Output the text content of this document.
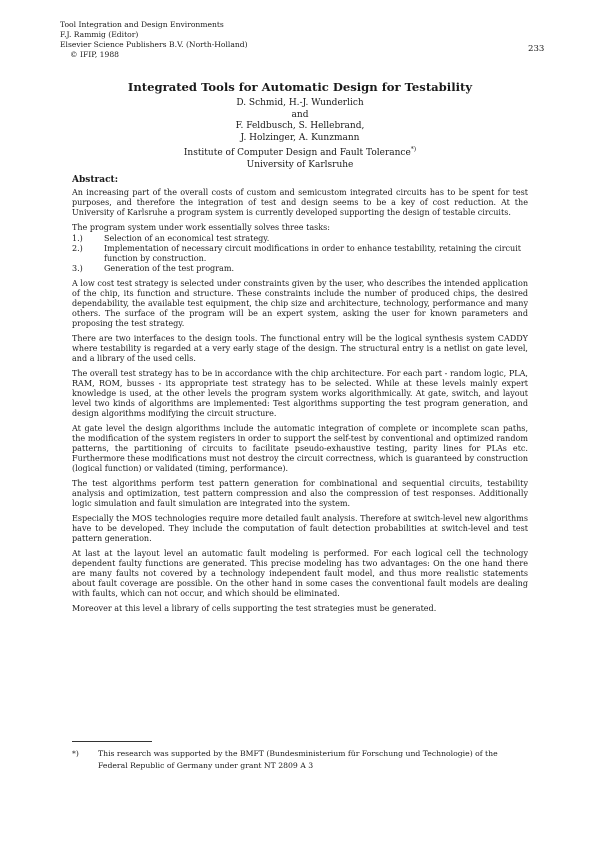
Tool Integration and Design Environments
F.J. Rammig (Editor)
Elsevier Science Publishers B.V. (North-Holland)
© IFIP, 1988
233
Integrated Tools for Automatic Design for Testability
D. Schmid, H.-J. Wunderlich
and
F. Feldbusch, S. Hellebrand,
J. Holzinger, A. Kunzmann
Institute of Computer Design and Fault Tolerance*)
University of Karlsruhe
Abstract:

An increasing part of the overall costs of custom and semicustom integrated circuits has to be spent for test purposes, and therefore the integration of test and design seems to be a key of cost reduction. At the University of Karlsruhe a program system is currently developed supporting the design of testable circuits.

The program system under work essentially solves three tasks:

1.)	Selection of an economical test strategy.
2.)	Implementation of necessary circuit modifications in order to enhance testability, retaining the circuit function by construction.
3.)	Generation of the test program.

A low cost test strategy is selected under constraints given by the user, who describes the intended application of the chip, its function and structure. These constraints include the number of produced chips, the desired dependability, the available test equipment, the chip size and architecture, technology, performance and many others. The surface of the program will be an expert system, asking the user for known parameters and proposing the test strategy.

There are two interfaces to the design tools. The functional entry will be the logical synthesis system CADDY where testability is regarded at a very early stage of the design. The structural entry is a netlist on gate level, and a library of the used cells.

The overall test strategy has to be in accordance with the chip architecture. For each part - random logic, PLA, RAM, ROM, busses - its appropriate test strategy has to be selected. While at these levels mainly expert knowledge is used, at the other levels the program system works algorithmically. At gate, switch, and layout level two kinds of algorithms are implemented: Test algorithms supporting the test program generation, and design algorithms modifying the circuit structure.

At gate level the design algorithms include the automatic integration of complete or incomplete scan paths, the modification of the system registers in order to support the self-test by conventional and optimized random patterns, the partitioning of circuits to facilitate pseudo-exhaustive testing, parity lines for PLAs etc. Furthermore these modifications must not destroy the circuit correctness, which is guaranteed by construction (logical function) or validated (timing, performance).

The test algorithms perform test pattern generation for combinational and sequential circuits, testability analysis and optimization, test pattern compression and also the compression of test responses. Additionally logic simulation and fault simulation are integrated into the system.

Especially the MOS technologies require more detailed fault analysis. Therefore at switch-level new algorithms have to be developed. They include the computation of fault detection probabilities at switch-level and test pattern generation.

At last at the layout level an automatic fault modeling is performed. For each logical cell the technology dependent faulty functions are generated. This precise modeling has two advantages: On the one hand there are many faults not covered by a technology independent fault model, and thus more realistic statements about fault coverage are possible. On the other hand in some cases the conventional fault models are dealing with faults, which can not occur, and which should be eliminated.

Moreover at this level a library of cells supporting the test strategies must be generated.

*)	This research was supported by the BMFT (Bundesministerium für Forschung und Technologie) of the Federal Republic of Germany under grant NT 2809 A 3
